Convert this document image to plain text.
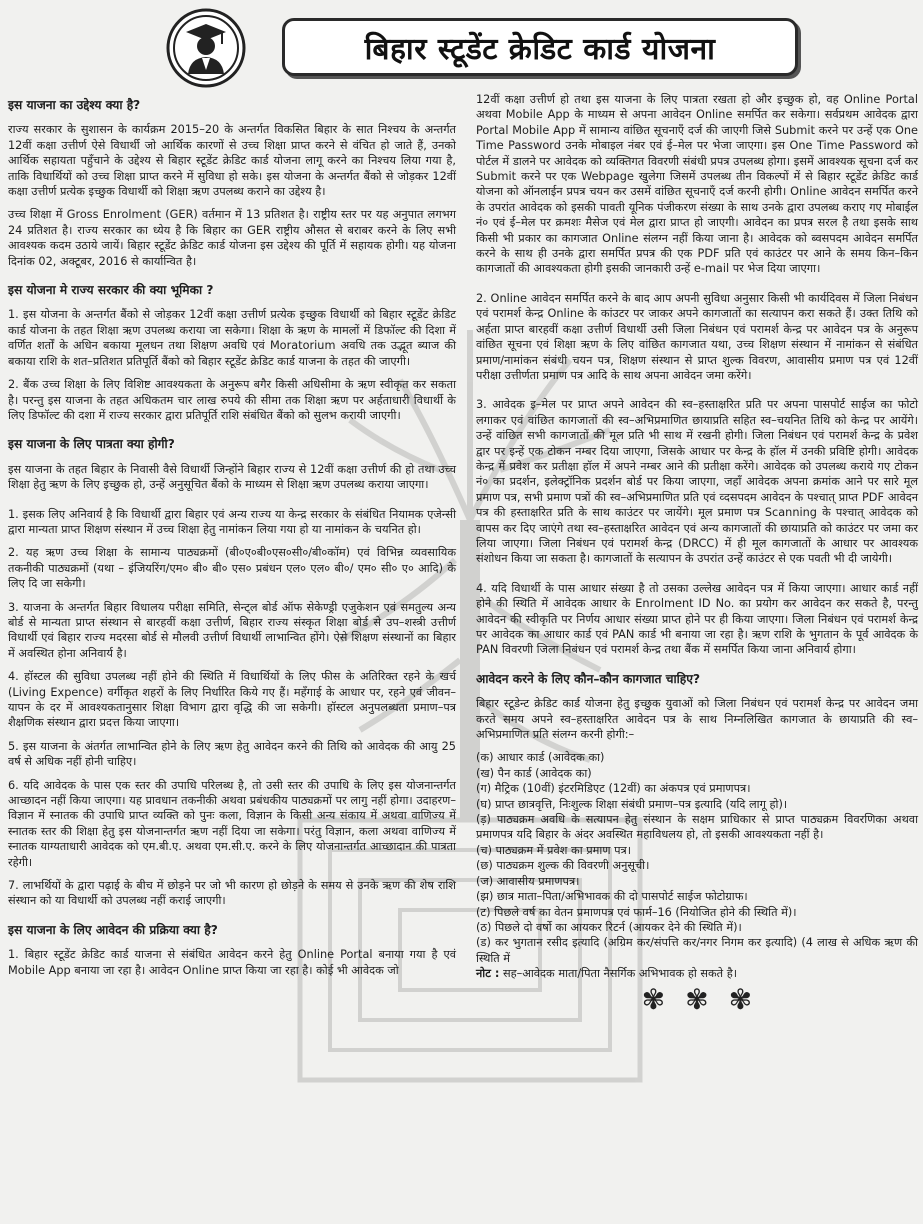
बिहार स्टूडेंट क्रेडिट कार्ड योजना
इस याजना का उद्देश्य क्या है?

राज्य सरकार के सुशासन के कार्यक्रम 2015–20 के अन्तर्गत विकसित बिहार के सात निश्चय के अन्तर्गत 12वीं कक्षा उत्तीर्ण ऐसे विधार्थी जो आर्थिक कारणों से उच्च शिक्षा प्राप्त करने से वंचित हो जाते हैं, उनको आर्थिक सहायता पहुँचाने के उद्देश्य से बिहार स्टूडेंट क्रेडिट कार्ड योजना लागू करने का निश्चय लिया गया है, ताकि विधार्थियों को उच्च शिक्षा प्राप्त करने में सुविधा हो सके। इस योजना के अन्तर्गत बैंको से जोड़कर 12वीं कक्षा उत्तीर्ण प्रत्येक इच्छुक विधार्थी को शिक्षा ऋण उपलब्ध कराने का उद्देश्य है।

उच्च शिक्षा में Gross Enrolment (GER) वर्तमान में 13 प्रतिशत है। राष्ट्रीय स्तर पर यह अनुपात लगभग 24 प्रतिशत है। राज्य सरकार का ध्येय है कि बिहार का GER राष्ट्रीय औसत से बराबर करने के लिए सभी आवश्यक कदम उठाये जायें। बिहार स्टूडेंट क्रेडिट कार्ड योजना इस उद्देश्य की पूर्ति में सहायक होगी। यह योजना दिनांक 02, अक्टूबर, 2016 से कार्यान्वित है।

इस योजना मे राज्य सरकार की क्या भूमिका ?

1. इस योजना के अन्तर्गत बैंको से जोड़कर 12वीं कक्षा उत्तीर्ण प्रत्येक इच्छुक विधार्थी को बिहार स्टूडेंट क्रेडिट कार्ड योजना के तहत शिक्षा ऋण उपलब्ध कराया जा सकेगा। शिक्षा के ऋण के मामलों में डिफॉल्ट की दिशा में वर्णित शर्तों के अधिन बकाया मूलधन तथा शिक्षण अवधि एवं Moratorium अवधि तक उद्भूत ब्याज की बकाया राशि के शत–प्रतिशत प्रतिपूर्ति बैंको को बिहार स्टूडेंट क्रेडिट कार्ड याजना के तहत की जाएगी।

2. बैंक उच्च शिक्षा के लिए विशिष्ट आवश्यकता के अनुरूप बगैर किसी अधिसीमा के ऋण स्वीकृत कर सकता है। परन्तु इस याजना के तहत अधिकतम चार लाख रुपये की सीमा तक शिक्षा ऋण पर अर्हताधारी विधार्थी के लिए डिफॉल्ट की दशा में राज्य सरकार द्वारा प्रतिपूर्ति राशि संबंधित बैंको को सुलभ करायी जाएगी।

इस याजना के लिए पात्रता क्या होगी?

इस याजना के तहत बिहार के निवासी वैसे विधार्थी जिन्होंने बिहार राज्य से 12वीं कक्षा उत्तीर्ण की हो तथा उच्च शिक्षा हेतु ऋण के लिए इच्छुक हो, उन्हें अनुसूचित बैंको के माध्यम से शिक्षा ऋण उपलब्ध कराया जाएगा।

1. इसक लिए अनिवार्य है कि विधार्थी द्वारा बिहार एवं अन्य राज्य या केन्द्र सरकार के संबंधित नियामक एजेन्सी द्वारा मान्यता प्राप्त शिक्षण संस्थान में उच्च शिक्षा हेतु नामांकन लिया गया हो या नामांकन के चयनित हो।

2. यह ऋण उच्च शिक्षा के सामान्य पाठ्यक्रमों (बी०ए०बी०एस०सी०/बी०कॉम) एवं विभिन्न व्यवसायिक तकनीकी पाठ्यक्रमों (यथा – इंजियरिंग/एम० बी० बी० एस० प्रबंधन एल० एल० बी०/ एम० सी० ए० आदि) के लिए दि जा सकेगी।

3. याजना के अन्तर्गत बिहार विधालय परीक्षा समिति, सेन्ट्ल बोर्ड ऑफ सेकेण्ड्री एजुकेशन एवं समतुल्य अन्य बोर्ड से मान्यता प्राप्त संस्थान से बारहवीं कक्षा उत्तीर्ण, बिहार राज्य संस्कृत शिक्षा बोर्ड से उप–शस्त्री उत्तीर्ण विधार्थी एवं बिहार राज्य मदरसा बोर्ड से मौलवी उत्तीर्ण विधार्थी लाभान्वित होंगे। ऐसे शिक्षण संस्थानों का बिहार में अवस्थित होना अनिवार्य है।

4. हॉस्टल की सुविधा उपलब्ध नहीं होने की स्थिति में विधार्थियों के लिए फीस के अतिरिक्त रहने के खर्च (Living Expence) वर्गीकृत शहरों के लिए निर्धारित किये गए हैं। महँगाई के आधार पर, रहने एवं जीवन–यापन के दर में आवश्यकतानुसार शिक्षा विभाग द्वारा वृद्धि की जा सकेगी। हॉस्टल अनुपलब्धता प्रमाण–पत्र शैक्षणिक संस्थान द्वारा प्रदत्त किया जाएगा।

5. इस याजना के अंतर्गत लाभान्वित होने के लिए ऋण हेतु आवेदन करने की तिथि को आवेदक की आयु 25 वर्ष से अधिक नहीं होनी चाहिए।

6. यदि आवेदक के पास एक स्तर की उपाधि परिलब्ध है, तो उसी स्तर की उपाधि के लिए इस योजनान्तर्गत आच्छादन नहीं किया जाएगा। यह प्रावधान तकनीकी अथवा प्रबंधकीय पाठ्यक्रमों पर लागु नहीं होगा। उदाहरण– विज्ञान में स्नातक की उपाधि प्राप्त व्यक्ति को पुनः कला, विज्ञान के किसी अन्य संकाय में अथवा वाणिज्य में स्नातक स्तर की शिक्षा हेतु इस योजनान्तर्गत ऋण नहीं दिया जा सकेगा। परंतु विज्ञान, कला अथवा वाणिज्य में स्नातक याग्यताधारी आवेदक को एम.बी.ए. अथवा एम.सी.ए. करने के लिए योजनान्तर्गत आच्छादान की पात्रता रहेगी।

7. लाभर्थियों के द्वारा पढ़ाई के बीच में छोड़ने पर जो भी कारण हो छोड़ने के समय से उनके ऋण की शेष राशि संस्थान को या विधार्थी को उपलब्ध नहीं कराई जाएगी।

इस याजना के लिए आवेदन की प्रक्रिया क्या है?

1. बिहार स्टूडेंट क्रेडिट कार्ड याजना से संबंधित आवेदन करने हेतु Online Portal बनाया गया है एवं Mobile App बनाया जा रहा है। आवेदन Online प्राप्त किया जा रहा है। कोई भी आवेदक जो

12वीं कक्षा उत्तीर्ण हो तथा इस याजना के लिए पात्रता रखता हो और इच्छुक हो, वह Online Portal अथवा Mobile App के माध्यम से अपना आवेदन Online समर्पित कर सकेगा। सर्वप्रथम आवेदक द्वारा Portal Mobile App में सामान्य वांछित सूचनाएँ दर्ज की जाएगी जिसे Submit करने पर उन्हें एक One Time Password उनके मोबाइल नंबर एवं ई–मेल पर भेजा जाएगा। इस One Time Password को पोर्टल में डालने पर आवेदक को व्यक्तिगत विवरणी संबंधी प्रपत्र उपलब्ध होगा। इसमें आवश्यक सूचना दर्ज कर Submit करने पर एक Webpage खुलेगा जिसमें उपलब्ध तीन विकल्पों में से बिहार स्टूडेंट क्रेडिट कार्ड योजना को ऑनलाईन प्रपत्र चयन कर उसमें वांछित सूचनाएँ दर्ज करनी होगी। Online आवेदन समर्पित करने के उपरांत आवेदक को इसकी पावती यूनिक पंजीकरण संख्या के साथ उनके द्वारा उपलब्ध कराए गए मोबाईल नं० एवं ई–मेल पर क्रमशः मैसेज एवं मेल द्वारा प्राप्त हो जाएगी। आवेदन का प्रपत्र सरल है तथा इसके साथ किसी भी प्रकार का कागजात Online संलग्न नहीं किया जाना है। आवेदक को ब्वसपदम आवेदन समर्पित करने के साथ ही उनके द्वारा समर्पित प्रपत्र की एक PDF प्रति एवं काउंटर पर आने के समय किन–किन कागजातों की आवश्यकता होगी इसकी जानकारी उन्हें e-mail पर भेज दिया जाएगा।

2. Online आवेदन समर्पित करने के बाद आप अपनी सुविधा अनुसार किसी भी कार्यदिवस में जिला निबंधन एवं परामर्श केन्द्र Online के कांउटर पर जाकर अपने कागजातों का सत्यापन करा सकते हैं। उक्त तिथि को अर्हता प्राप्त बारहवीं कक्षा उत्तीर्ण विधार्थी उसी जिला निबंधन एवं परामर्श केन्द्र पर आवेदन पत्र के अनुरूप वांछित सूचना एवं शिक्षा ऋण के लिए वांछित कागजात यथा, उच्च शिक्षण संस्थान में नामांकन से संबंधित प्रमाण/नामांकन संबंधी चयन पत्र, शिक्षण संस्थान से प्राप्त शुल्क विवरण, आवासीय प्रमाण पत्र एवं 12वीं परीक्षा उत्तीर्णता प्रमाण पत्र आदि के साथ अपना आवेदन जमा करेंगे।

3. आवेदक इ–मेल पर प्राप्त अपने आवेदन की स्व–हस्ताक्षरित प्रति पर अपना पासपोर्ट साईज का फोटो लगाकर एवं वांछित कागजातों की स्व–अभिप्रमाणित छायाप्रति सहित स्व–चयनित तिथि को केन्द्र पर आयेंगे। उन्हें वांछित सभी कागजातों की मूल प्रति भी साथ में रखनी होगी। जिला निबंधन एवं परामर्श केन्द्र के प्रवेश द्वार पर इन्हें एक टोकन नम्बर दिया जाएगा, जिसके आधार पर केन्द्र के हॉल में उनकी प्रविष्टि होगी। आवेदक केन्द्र में प्रवेश कर प्रतीक्षा हॉल में अपने नम्बर आने की प्रतीक्षा करेंगे। आवेदक को उपलब्ध कराये गए टोकन नं० का प्रदर्शन, इलेक्ट्रॉनिक प्रदर्शन बोर्ड पर किया जाएगा, जहाँ आवेदक अपना क्रमांक आने पर सारे मूल प्रमाण पत्र, सभी प्रमाण पत्रों की स्व–अभिप्रमाणित प्रति एवं व्दसपदम आवेदन के पश्चात् प्राप्त PDF आवेदन पत्र की हस्ताक्षरित प्रति के साथ काउंटर पर जायेंगे। मूल प्रमाण पत्र Scanning के पश्चात् आवेदक को वापस कर दिए जाएंगे तथा स्व–हस्ताक्षरित आवेदन एवं अन्य कागजातों की छायाप्रति को काउंटर पर जमा कर लिया जाएगा। जिला निबंधन एवं परामर्श केन्द्र (DRCC) में ही मूल कागजातों के आधार पर आवश्यक संशोधन किया जा सकता है। कागजातों के सत्यापन के उपरांत उन्हें काउंटर से एक पवती भी दी जायेगी।

4. यदि विधार्थी के पास आधार संख्या है तो उसका उल्लेख आवेदन पत्र में किया जाएगा। आधार कार्ड नहीं होने की स्थिति में आवेदक आधार के Enrolment ID No. का प्रयोग कर आवेदन कर सकते है, परन्तु आवेदन की स्वीकृति पर निर्णय आधार संख्या प्राप्त होने पर ही किया जाएगा। जिला निबंधन एवं परामर्श केन्द्र पर आवेदक का आधार कार्ड एवं PAN कार्ड भी बनाया जा रहा है। ऋण राशि के भुगतान के पूर्व आवेदक के PAN विवरणी जिला निबंधन एवं परामर्श केन्द्र तथा बैंक में समर्पित किया जाना अनिवार्य होगा।

आवेदन करने के लिए कौन–कौन कागजात चाहिए?

बिहार स्टूडेन्ट क्रेडिट कार्ड योजना हेतु इच्छुक युवाओं को जिला निबंधन एवं परामर्श केन्द्र पर आवेदन जमा करते समय अपने स्व–हस्ताक्षरित आवेदन पत्र के साथ निम्नलिखित कागजात के छायाप्रति की स्व–अभिप्रमाणित प्रति संलग्न करनी होगी:–

(क) आधार कार्ड (आवेदक का)

(ख) पैन कार्ड (आवेदक का)

(ग) मैट्रिक (10वीं) इंटरमिडिएट (12वीं) का अंकपत्र एवं प्रमाणपत्र।

(घ) प्राप्त छात्रवृत्ति, निःशुल्क शिक्षा संबंधी प्रमाण–पत्र इत्यादि (यदि लागू हो)।

(ड़) पाठ्यक्रम अवधि के सत्यापन हेतु संस्थान के सक्षम प्राधिकार से प्राप्त पाठ्यक्रम विवरणिका अथवा प्रमाणपत्र यदि बिहार के अंदर अवस्थित महाविधलय हो, तो इसकी आवश्यकता नहीं है।

(च) पाठ्यक्रम में प्रवेश का प्रमाण पत्र।

(छ) पाठ्यक्रम शुल्क की विवरणी अनुसूची।

(ज) आवासीय प्रमाणपत्र।

(झ) छात्र माता–पिता/अभिभावक की दो पासपोर्ट साईज फोटोग्राफ।

(ट) पिछले वर्ष का वेतन प्रमाणपत्र एवं फार्म–16 (नियोजित होने की स्थिति में)।

(ठ) पिछले दो वर्षो का आयकर रिटर्न (आयकर देने की स्थिति में)।

(ड) कर भुगतान रसीद इत्यादि (अग्रिम कर/संपत्ति कर/नगर निगम कर इत्यादि) (4 लाख से अधिक ऋण की स्थिति में

नोट : सह–आवेदक माता/पिता नैसर्गिक अभिभावक हो सकते है।

✾ ✾ ✾
